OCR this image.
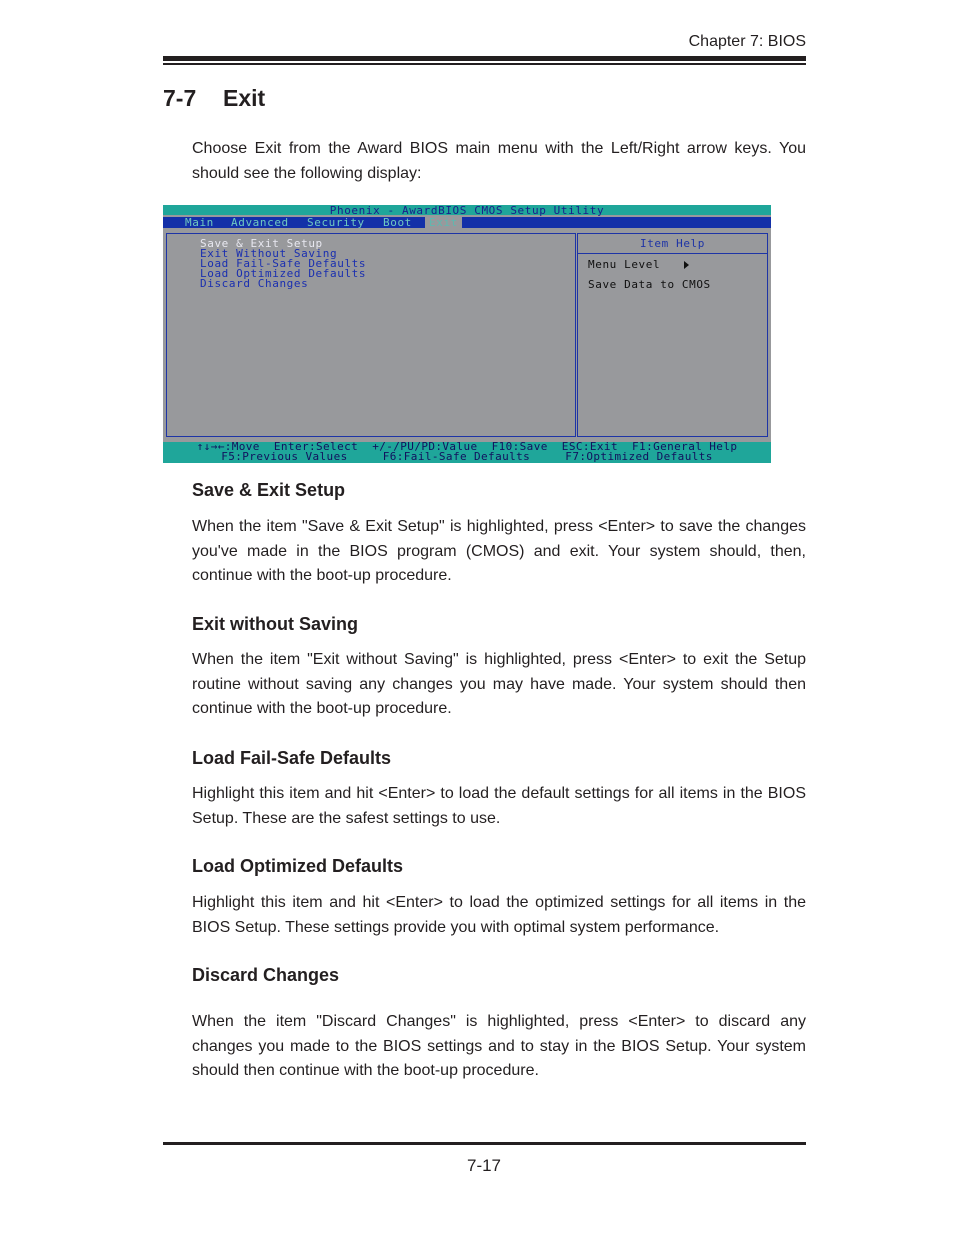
Chapter 7: BIOS
7-7 Exit

Choose Exit from the Award BIOS main menu with the Left/Right arrow keys. You should see the following display:

Phoenix - AwardBIOS CMOS Setup Utility
Main Advanced Security Boot	Exit
Save & Exit Setup
Exit Without Saving
Load Fail-Safe Defaults
Load Optimized Defaults
Discard Changes
Item Help
Menu Level
Save Data to CMOS
↑↓→←:Move  Enter:Select  +/-/PU/PD:Value  F10:Save  ESC:Exit  F1:General Help
F5:Previous Values     F6:Fail-Safe Defaults     F7:Optimized Defaults
Save & Exit Setup

When the item "Save & Exit Setup" is highlighted, press <Enter> to save the changes you've made in the BIOS program (CMOS) and exit. Your system should, then, continue with the boot-up procedure.

Exit without Saving

When the item "Exit without Saving" is highlighted, press <Enter> to exit the Setup routine without saving any changes you may have made. Your system should then continue with the boot-up procedure.

Load Fail-Safe Defaults

Highlight this item and hit <Enter> to load the default settings for all items in the BIOS Setup. These are the safest settings to use.

Load Optimized Defaults

Highlight this item and hit <Enter> to load the optimized settings for all items in the BIOS Setup. These settings provide you with optimal system performance.

Discard Changes

When the item "Discard Changes" is highlighted, press <Enter> to discard any changes you made to the BIOS settings and to stay in the BIOS Setup. Your system should then continue with the boot-up procedure.

7-17
